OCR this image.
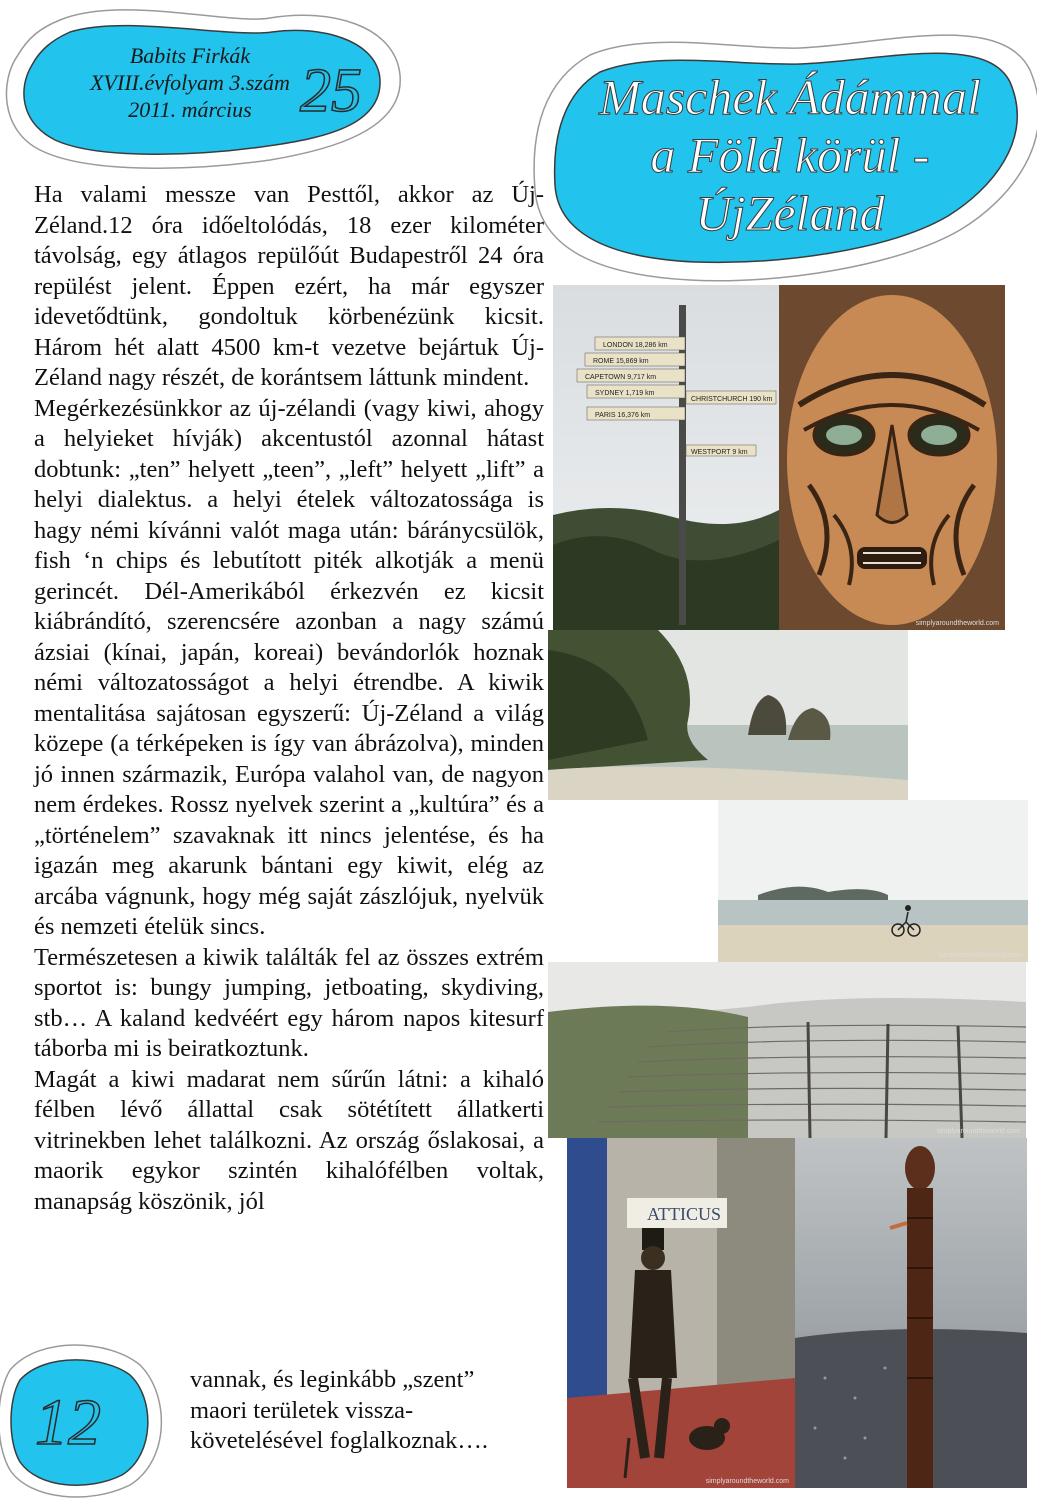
Babits Firkák
XVIII.évfolyam 3.szám
2011. március 25	Maschek Ádámmal
a Föld körül -
ÚjZéland

Ha valami messze van Pesttől, akkor az Új-Zéland.12 óra időeltolódás, 18 ezer kilométer távolság, egy átlagos repülőút Budapestről 24 óra repülést jelent. Éppen ezért, ha már egyszer idevetődtünk, gondoltuk körbenézünk kicsit. Három hét alatt 4500 km-t vezetve bejártuk Új-Zéland nagy részét, de korántsem láttunk mindent.

Megérkezésünkkor az új-zélandi (vagy kiwi, ahogy a helyieket hívják) akcentustól azonnal hátast dobtunk: „ten” helyett „teen”, „left” helyett „lift” a helyi dialektus. a helyi ételek változatossága is hagy némi kívánni valót maga után: báránycsülök, fish ‘n chips és lebutított piték alkotják a menü gerincét. Dél-Amerikából érkezvén ez kicsit kiábrándító, szerencsére azonban a nagy számú ázsiai (kínai, japán, koreai) bevándorlók hoznak némi változatosságot a helyi étrendbe. A kiwik mentalitása sajátosan egyszerű: Új-Zéland a világ közepe (a térképeken is így van ábrázolva), minden jó innen származik, Európa valahol van, de nagyon nem érdekes. Rossz nyelvek szerint a „kultúra” és a „történelem” szavaknak itt nincs jelentése, és ha igazán meg akarunk bántani egy kiwit, elég az arcába vágnunk, hogy még saját zászlójuk, nyelvük és nemzeti ételük sincs.

Természetesen a kiwik találták fel az összes extrém sportot is: bungy jumping, jetboating, skydiving, stb… A kaland kedvéért egy három napos kitesurf táborba mi is beiratkoztunk.

Magát a kiwi madarat nem sűrűn látni: a kihaló félben lévő állattal csak sötétített állatkerti vitrinekben lehet találkozni. Az ország őslakosai, a maorik egykor szintén kihalófélben voltak, manapság köszönik, jól

vannak, és leginkább „szent”
maori területek vissza-
követelésével foglalkoznak….
12
LONDON 18,286 km
ROME 15,869 km
CAPETOWN 9,717 km
SYDNEY 1,719 km
PARIS 16,376 km
CHRISTCHURCH 190 km
WESTPORT 9 km
simplyaroundtheworld.com
simplyaroundtheworld.com
simplyaroundtheworld.com
ATTICUS
simplyaroundtheworld.com
